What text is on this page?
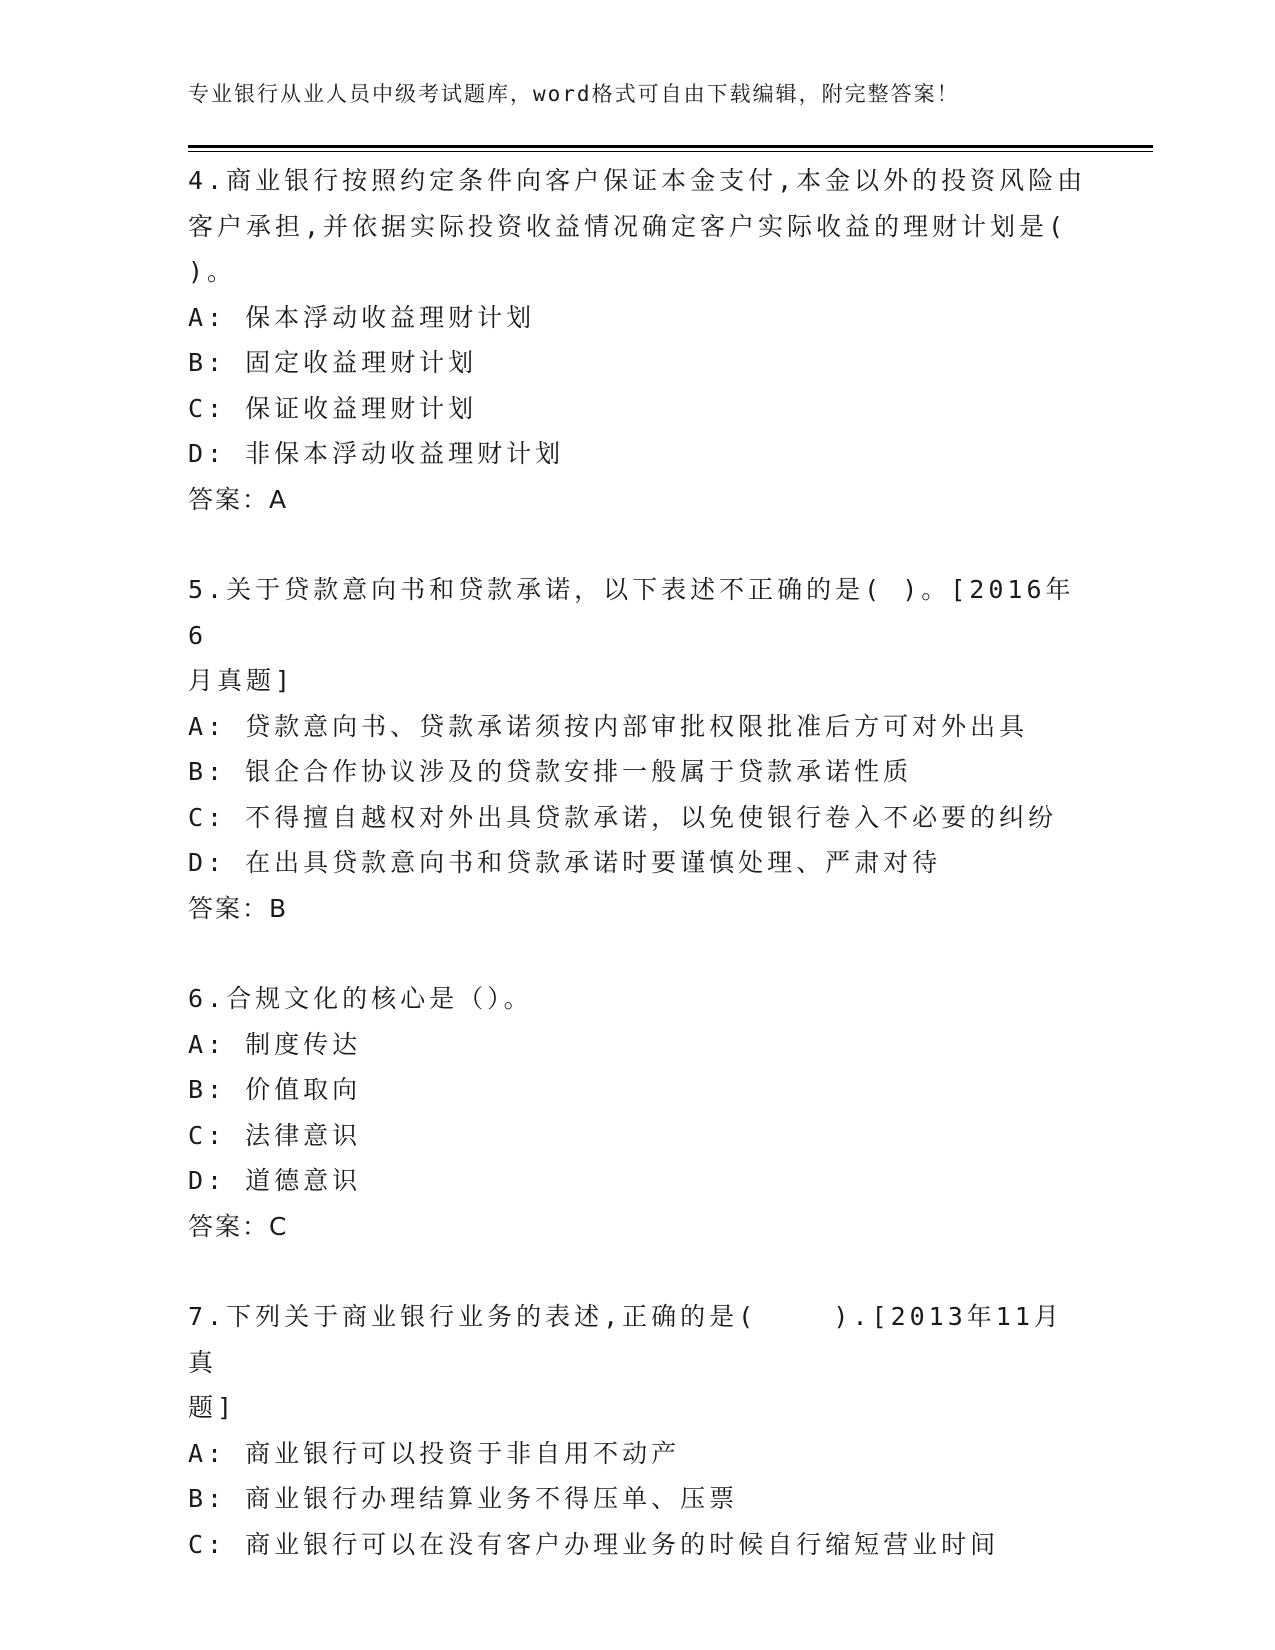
专业银行从业人员中级考试题库，word格式可自由下载编辑，附完整答案！

4.商业银行按照约定条件向客户保证本金支付,本金以外的投资风险由

客户承担,并依据实际投资收益情况确定客户实际收益的理财计划是(

)。

A: 保本浮动收益理财计划

B: 固定收益理财计划

C: 保证收益理财计划

D: 非保本浮动收益理财计划

答案：A

5.关于贷款意向书和贷款承诺，以下表述不正确的是( )。[2016年6

月真题]

A: 贷款意向书、贷款承诺须按内部审批权限批准后方可对外出具

B: 银企合作协议涉及的贷款安排一般属于贷款承诺性质

C: 不得擅自越权对外出具贷款承诺，以免使银行卷入不必要的纠纷

D: 在出具贷款意向书和贷款承诺时要谨慎处理、严肃对待

答案：B

6.合规文化的核心是（）。

A: 制度传达

B: 价值取向

C: 法律意识

D: 道德意识

答案：C

7.下列关于商业银行业务的表述,正确的是(    ).[2013年11月真

题]

A: 商业银行可以投资于非自用不动产

B: 商业银行办理结算业务不得压单、压票

C: 商业银行可以在没有客户办理业务的时候自行缩短营业时间
